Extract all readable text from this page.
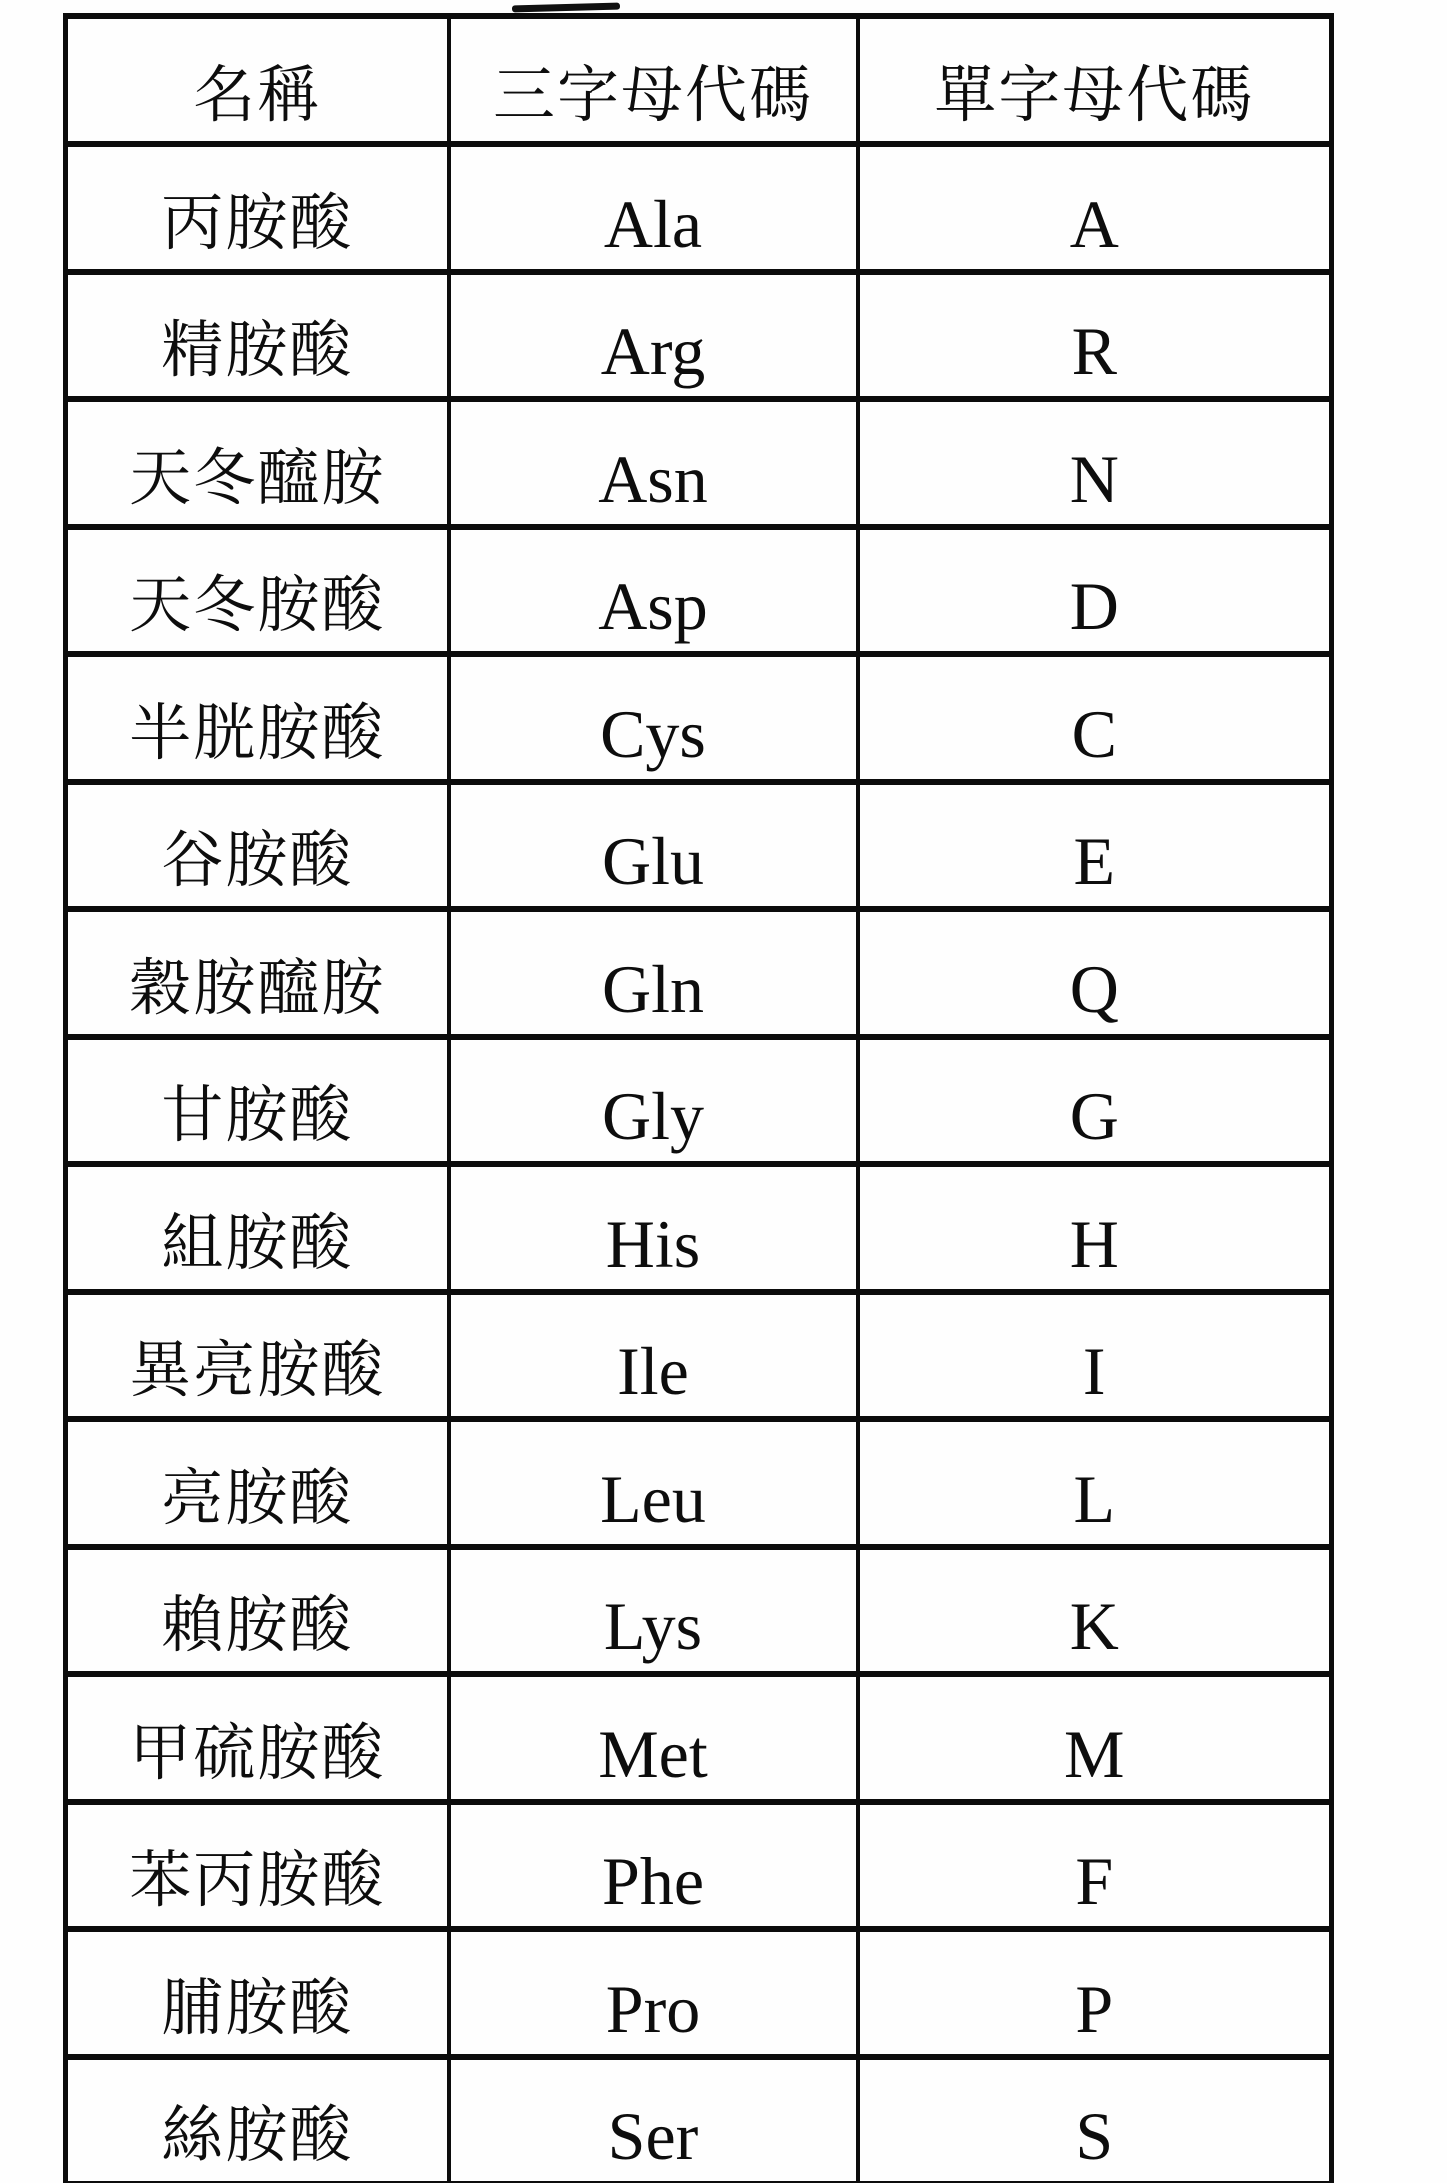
名稱	三字母代碼	單字母代碼

丙胺酸	Ala	A

精胺酸	Arg	R

天冬醯胺	Asn	N

天冬胺酸	Asp	D

半胱胺酸	Cys	C

谷胺酸	Glu	E

穀胺醯胺	Gln	Q

甘胺酸	Gly	G

組胺酸	His	H

異亮胺酸	Ile	I

亮胺酸	Leu	L

賴胺酸	Lys	K

甲硫胺酸	Met	M

苯丙胺酸	Phe	F

脯胺酸	Pro	P

絲胺酸	Ser	S
